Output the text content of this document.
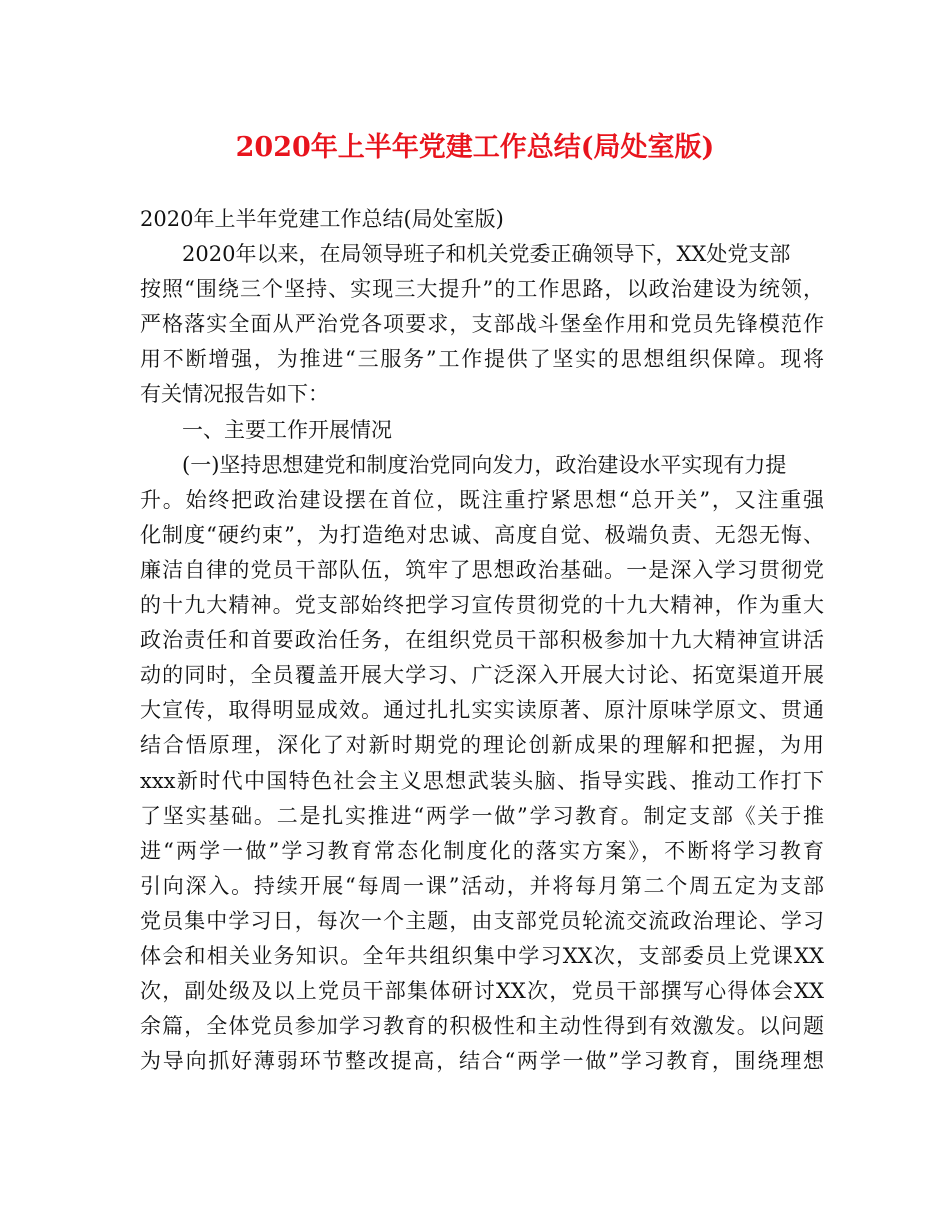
2020年上半年党建工作总结(局处室版)

2020年上半年党建工作总结(局处室版)

2020年以来，在局领导班子和机关党委正确领导下，XX处党支部

按照“围绕三个坚持、实现三大提升”的工作思路，以政治建设为统领，

严格落实全面从严治党各项要求，支部战斗堡垒作用和党员先锋模范作

用不断增强，为推进“三服务”工作提供了坚实的思想组织保障。现将

有关情况报告如下：

一、主要工作开展情况

(一)坚持思想建党和制度治党同向发力，政治建设水平实现有力提

升。始终把政治建设摆在首位，既注重拧紧思想“总开关”，又注重强

化制度“硬约束”，为打造绝对忠诚、高度自觉、极端负责、无怨无悔、

廉洁自律的党员干部队伍，筑牢了思想政治基础。一是深入学习贯彻党

的十九大精神。党支部始终把学习宣传贯彻党的十九大精神，作为重大

政治责任和首要政治任务，在组织党员干部积极参加十九大精神宣讲活

动的同时，全员覆盖开展大学习、广泛深入开展大讨论、拓宽渠道开展

大宣传，取得明显成效。通过扎扎实实读原著、原汁原味学原文、贯通

结合悟原理，深化了对新时期党的理论创新成果的理解和把握，为用

xxx新时代中国特色社会主义思想武装头脑、指导实践、推动工作打下

了坚实基础。二是扎实推进“两学一做”学习教育。制定支部《关于推

进“两学一做”学习教育常态化制度化的落实方案》，不断将学习教育

引向深入。持续开展“每周一课”活动，并将每月第二个周五定为支部

党员集中学习日，每次一个主题，由支部党员轮流交流政治理论、学习

体会和相关业务知识。全年共组织集中学习XX次，支部委员上党课XX

次，副处级及以上党员干部集体研讨XX次，党员干部撰写心得体会XX

余篇，全体党员参加学习教育的积极性和主动性得到有效激发。以问题

为导向抓好薄弱环节整改提高，结合“两学一做”学习教育，围绕理想
